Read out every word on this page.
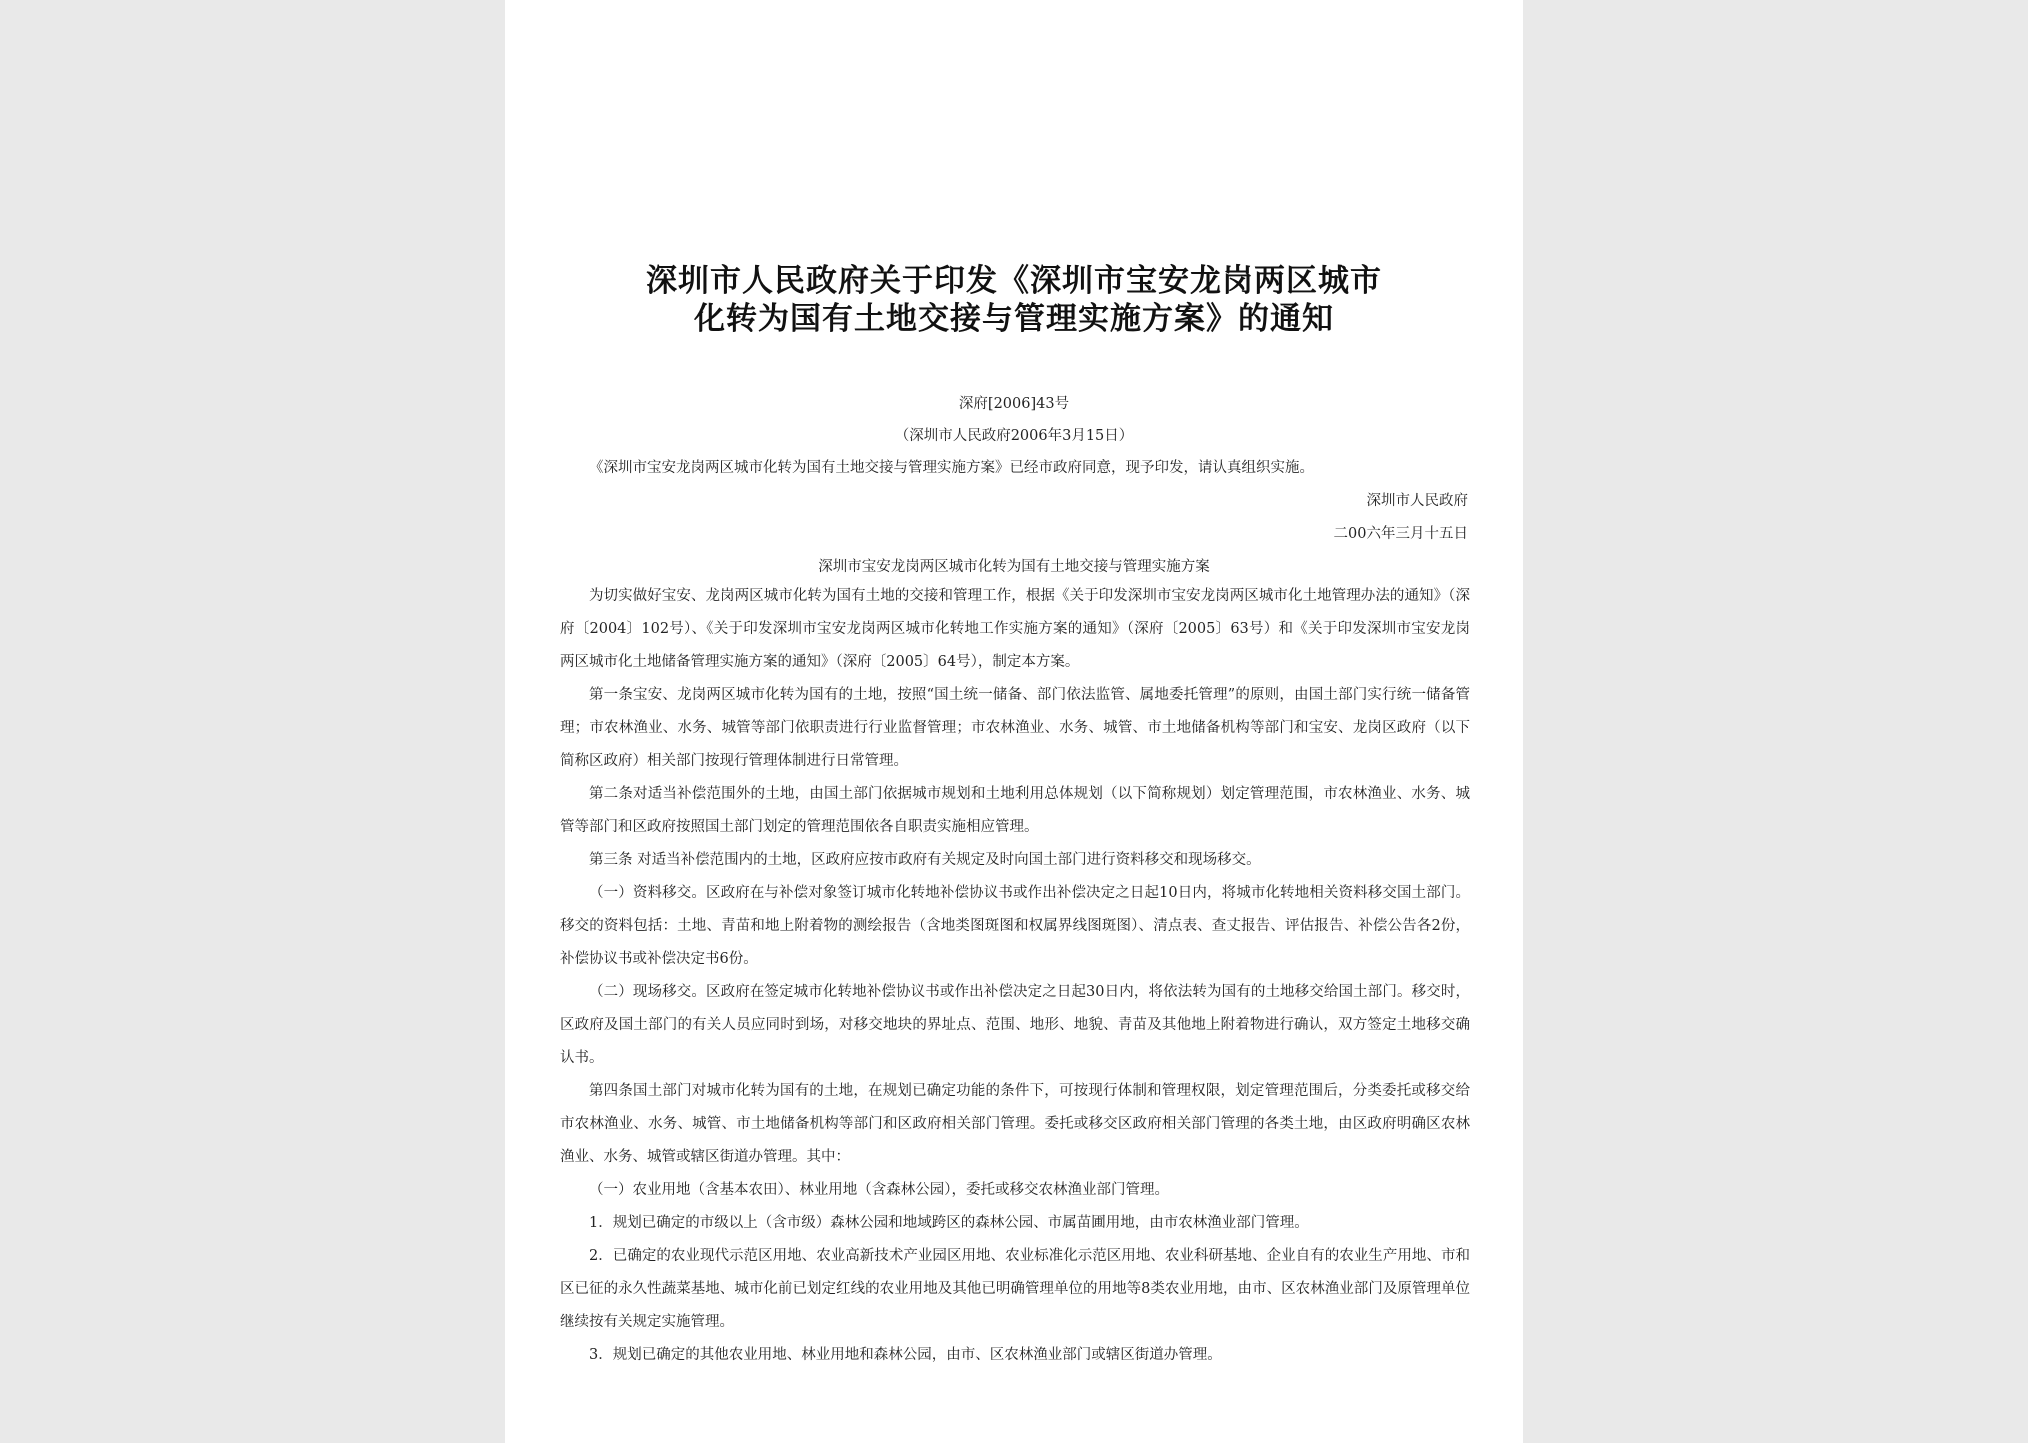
深圳市人民政府关于印发《深圳市宝安龙岗两区城市
化转为国有土地交接与管理实施方案》的通知
深府[2006]43号
（深圳市人民政府2006年3月15日）
《深圳市宝安龙岗两区城市化转为国有土地交接与管理实施方案》已经市政府同意，现予印发，请认真组织实施。
深圳市人民政府
二00六年三月十五日
深圳市宝安龙岗两区城市化转为国有土地交接与管理实施方案

为切实做好宝安、龙岗两区城市化转为国有土地的交接和管理工作，根据《关于印发深圳市宝安龙岗两区城市化土地管理办法的通知》（深府〔2004〕102号）、《关于印发深圳市宝安龙岗两区城市化转地工作实施方案的通知》（深府〔2005〕63号）和《关于印发深圳市宝安龙岗两区城市化土地储备管理实施方案的通知》（深府〔2005〕64号），制定本方案。

第一条宝安、龙岗两区城市化转为国有的土地，按照“国土统一储备、部门依法监管、属地委托管理”的原则，由国土部门实行统一储备管理；市农林渔业、水务、城管等部门依职责进行行业监督管理；市农林渔业、水务、城管、市土地储备机构等部门和宝安、龙岗区政府（以下简称区政府）相关部门按现行管理体制进行日常管理。

第二条对适当补偿范围外的土地，由国土部门依据城市规划和土地利用总体规划（以下简称规划）划定管理范围，市农林渔业、水务、城管等部门和区政府按照国土部门划定的管理范围依各自职责实施相应管理。

第三条 对适当补偿范围内的土地，区政府应按市政府有关规定及时向国土部门进行资料移交和现场移交。

（一）资料移交。区政府在与补偿对象签订城市化转地补偿协议书或作出补偿决定之日起10日内，将城市化转地相关资料移交国土部门。移交的资料包括：土地、青苗和地上附着物的测绘报告（含地类图斑图和权属界线图斑图）、清点表、查丈报告、评估报告、补偿公告各2份，补偿协议书或补偿决定书6份。

（二）现场移交。区政府在签定城市化转地补偿协议书或作出补偿决定之日起30日内，将依法转为国有的土地移交给国土部门。移交时，区政府及国土部门的有关人员应同时到场，对移交地块的界址点、范围、地形、地貌、青苗及其他地上附着物进行确认，双方签定土地移交确认书。

第四条国土部门对城市化转为国有的土地，在规划已确定功能的条件下，可按现行体制和管理权限，划定管理范围后，分类委托或移交给市农林渔业、水务、城管、市土地储备机构等部门和区政府相关部门管理。委托或移交区政府相关部门管理的各类土地，由区政府明确区农林渔业、水务、城管或辖区街道办管理。其中：

（一）农业用地（含基本农田）、林业用地（含森林公园），委托或移交农林渔业部门管理。

1．规划已确定的市级以上（含市级）森林公园和地域跨区的森林公园、市属苗圃用地，由市农林渔业部门管理。

2．已确定的农业现代示范区用地、农业高新技术产业园区用地、农业标准化示范区用地、农业科研基地、企业自有的农业生产用地、市和区已征的永久性蔬菜基地、城市化前已划定红线的农业用地及其他已明确管理单位的用地等8类农业用地，由市、区农林渔业部门及原管理单位继续按有关规定实施管理。

3．规划已确定的其他农业用地、林业用地和森林公园，由市、区农林渔业部门或辖区街道办管理。
